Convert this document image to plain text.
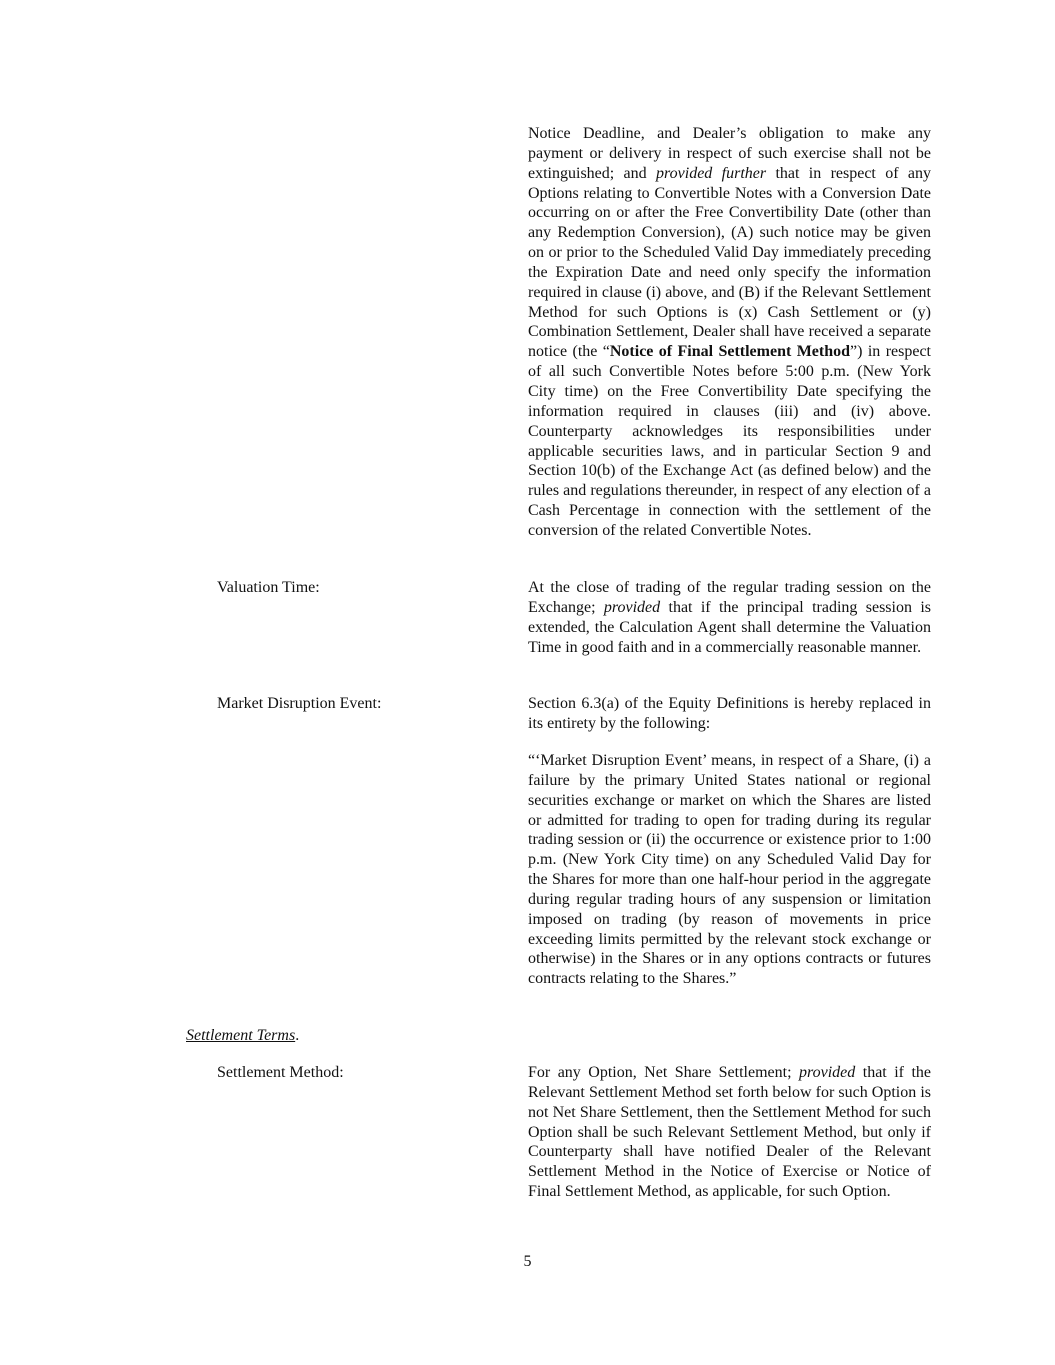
Notice Deadline, and Dealer’s obligation to make any payment or delivery in respect of such exercise shall not be extinguished; and provided further that in respect of any Options relating to Convertible Notes with a Conversion Date occurring on or after the Free Convertibility Date (other than any Redemption Conversion), (A) such notice may be given on or prior to the Scheduled Valid Day immediately preceding the Expiration Date and need only specify the information required in clause (i) above, and (B) if the Relevant Settlement Method for such Options is (x) Cash Settlement or (y) Combination Settlement, Dealer shall have received a separate notice (the “Notice of Final Settlement Method”) in respect of all such Convertible Notes before 5:00 p.m. (New York City time) on the Free Convertibility Date specifying the information required in clauses (iii) and (iv) above. Counterparty acknowledges its responsibilities under applicable securities laws, and in particular Section 9 and Section 10(b) of the Exchange Act (as defined below) and the rules and regulations thereunder, in respect of any election of a Cash Percentage in connection with the settlement of the conversion of the related Convertible Notes.

Valuation Time:	At the close of trading of the regular trading session on the Exchange; provided that if the principal trading session is extended, the Calculation Agent shall determine the Valuation Time in good faith and in a commercially reasonable manner.

Market Disruption Event:	Section 6.3(a) of the Equity Definitions is hereby replaced in its entirety by the following:

“‘Market Disruption Event’ means, in respect of a Share, (i) a failure by the primary United States national or regional securities exchange or market on which the Shares are listed or admitted for trading to open for trading during its regular trading session or (ii) the occurrence or existence prior to 1:00 p.m. (New York City time) on any Scheduled Valid Day for the Shares for more than one half-hour period in the aggregate during regular trading hours of any suspension or limitation imposed on trading (by reason of movements in price exceeding limits permitted by the relevant stock exchange or otherwise) in the Shares or in any options contracts or futures contracts relating to the Shares.”

Settlement Terms.

Settlement Method:	For any Option, Net Share Settlement; provided that if the Relevant Settlement Method set forth below for such Option is not Net Share Settlement, then the Settlement Method for such Option shall be such Relevant Settlement Method, but only if Counterparty shall have notified Dealer of the Relevant Settlement Method in the Notice of Exercise or Notice of Final Settlement Method, as applicable, for such Option.

5
